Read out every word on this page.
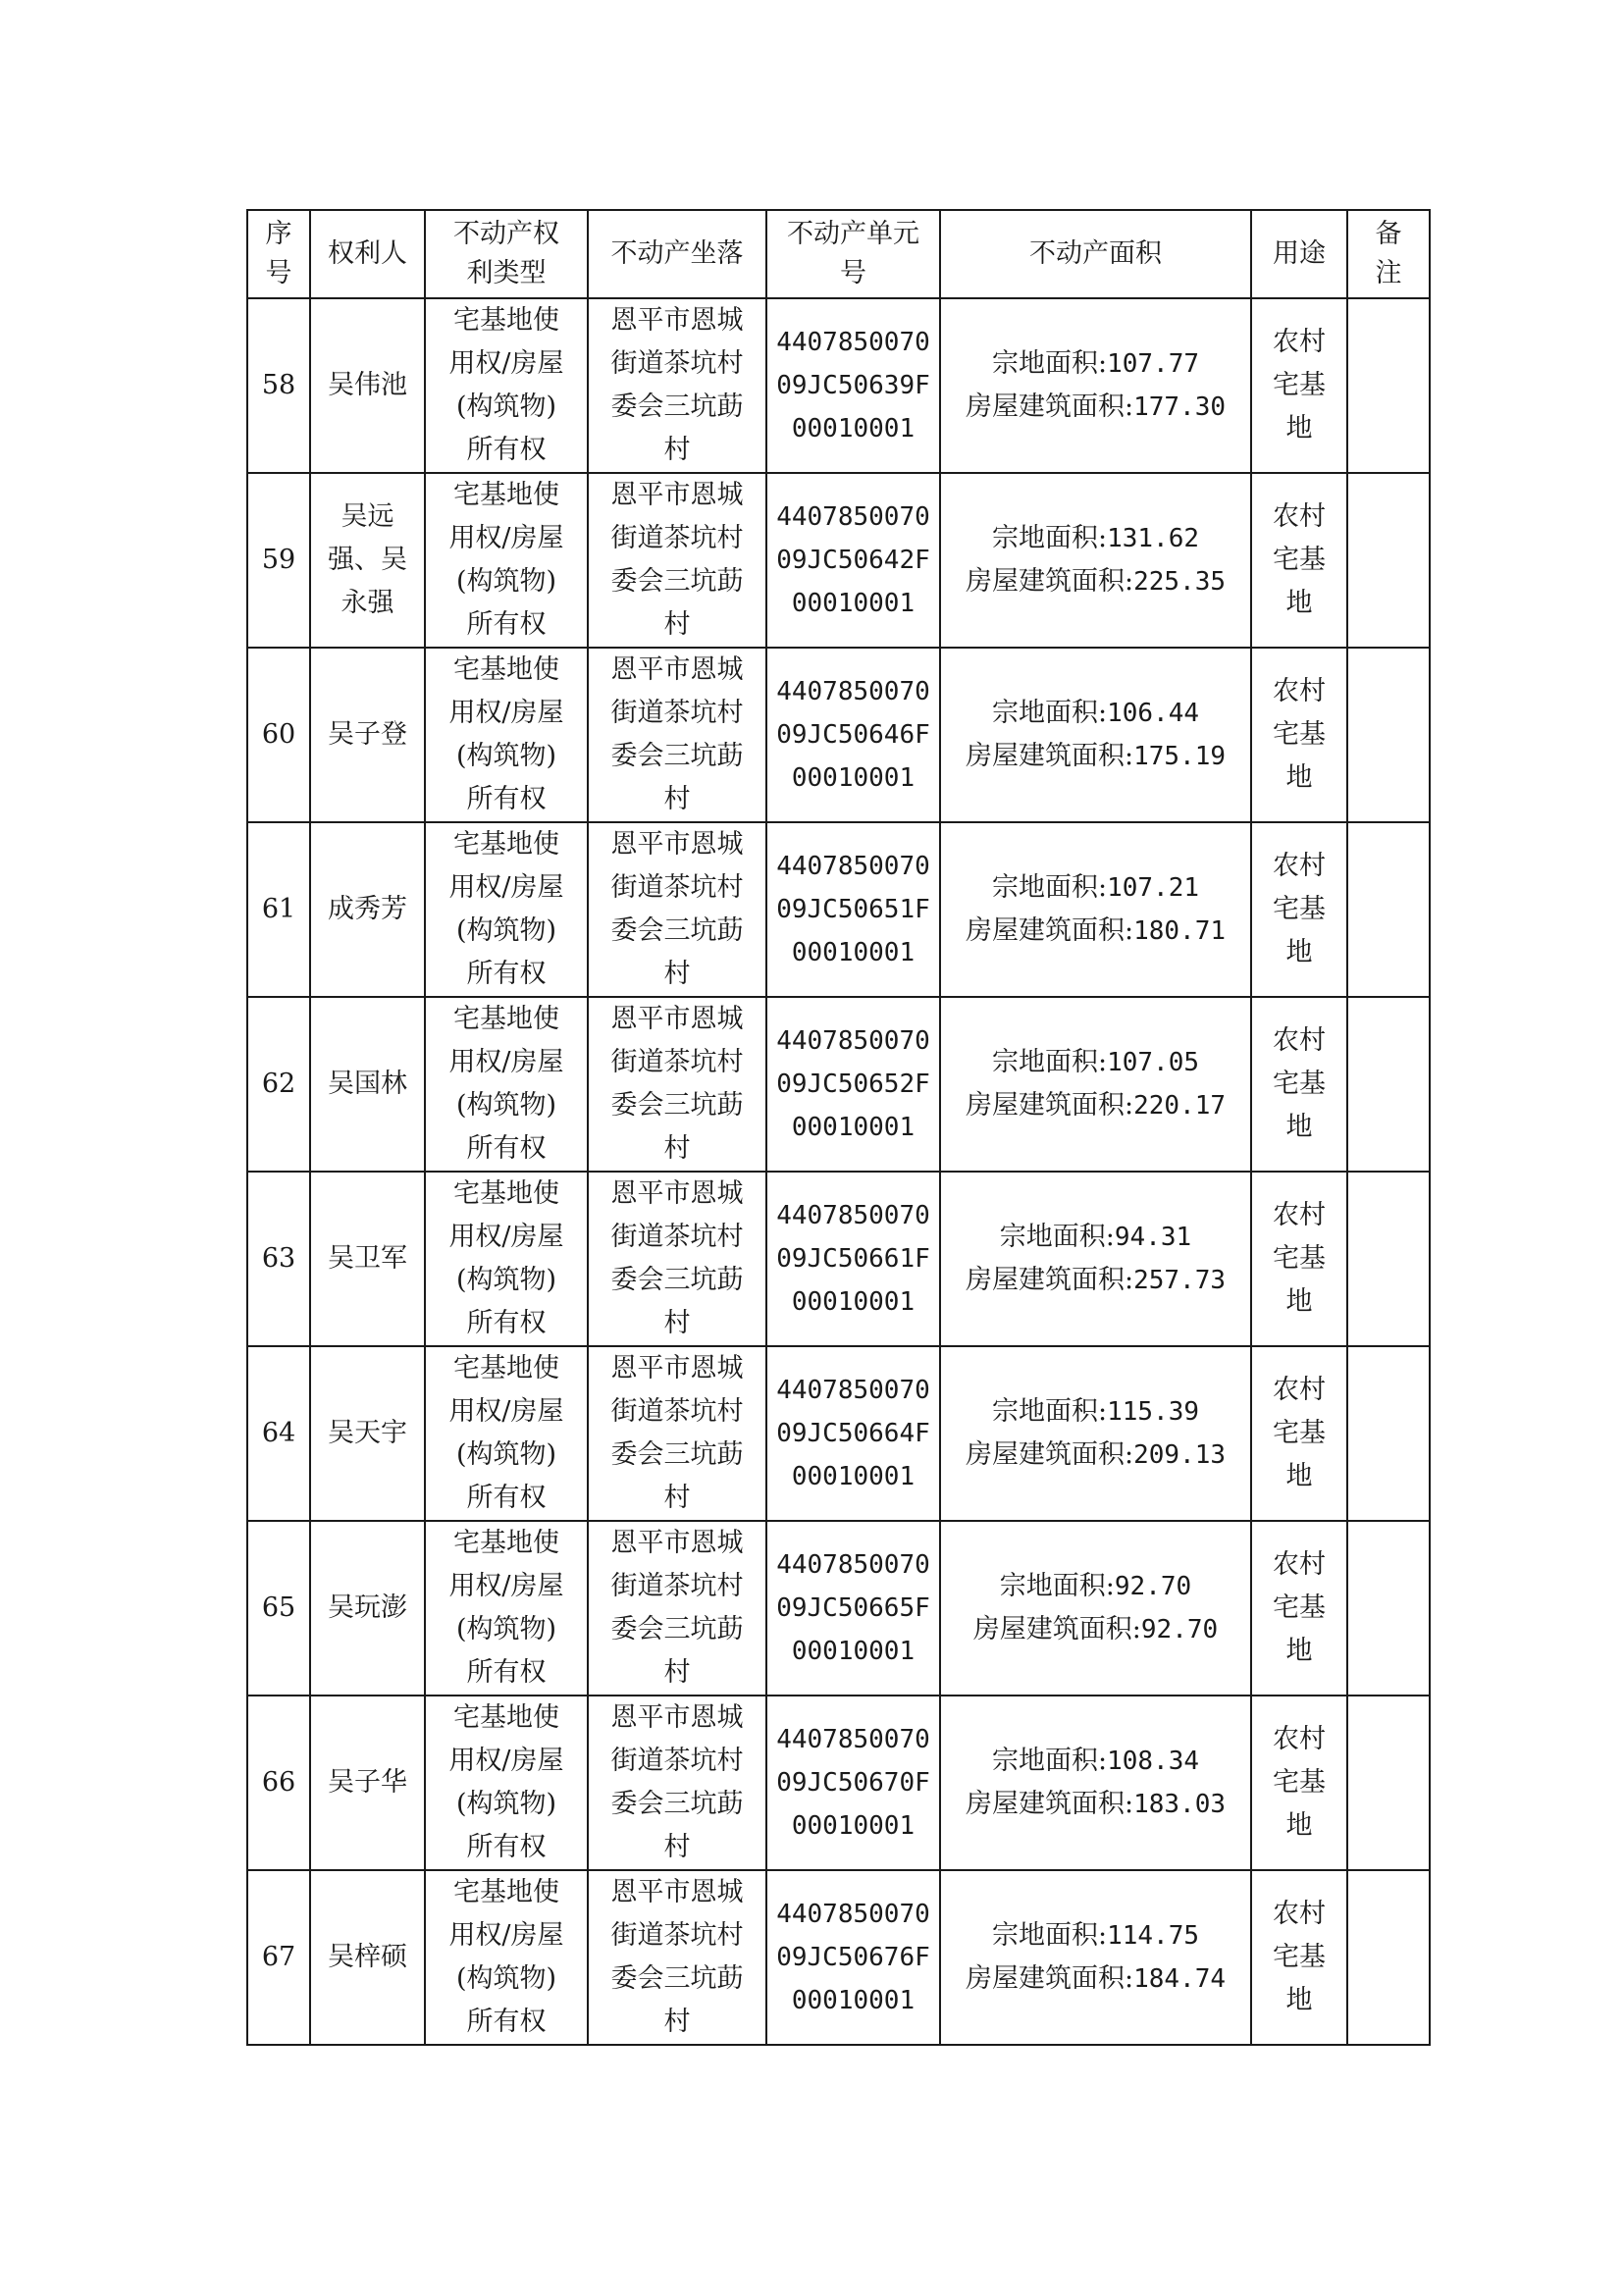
序
号	权利人	不动产权
利类型	不动产坐落	不动产单元
号	不动产面积	用途	备
注
58	吴伟池	宅基地使
用权/房屋
(构筑物)
所有权	恩平市恩城
街道茶坑村
委会三坑莇
村	4407850070
09JC50639F
00010001	宗地面积:107.77
房屋建筑面积:177.30	农村
宅基
地	
59	吴远
强、吴
永强	宅基地使
用权/房屋
(构筑物)
所有权	恩平市恩城
街道茶坑村
委会三坑莇
村	4407850070
09JC50642F
00010001	宗地面积:131.62
房屋建筑面积:225.35	农村
宅基
地	
60	吴子登	宅基地使
用权/房屋
(构筑物)
所有权	恩平市恩城
街道茶坑村
委会三坑莇
村	4407850070
09JC50646F
00010001	宗地面积:106.44
房屋建筑面积:175.19	农村
宅基
地	
61	成秀芳	宅基地使
用权/房屋
(构筑物)
所有权	恩平市恩城
街道茶坑村
委会三坑莇
村	4407850070
09JC50651F
00010001	宗地面积:107.21
房屋建筑面积:180.71	农村
宅基
地	
62	吴国林	宅基地使
用权/房屋
(构筑物)
所有权	恩平市恩城
街道茶坑村
委会三坑莇
村	4407850070
09JC50652F
00010001	宗地面积:107.05
房屋建筑面积:220.17	农村
宅基
地	
63	吴卫军	宅基地使
用权/房屋
(构筑物)
所有权	恩平市恩城
街道茶坑村
委会三坑莇
村	4407850070
09JC50661F
00010001	宗地面积:94.31
房屋建筑面积:257.73	农村
宅基
地	
64	吴天宇	宅基地使
用权/房屋
(构筑物)
所有权	恩平市恩城
街道茶坑村
委会三坑莇
村	4407850070
09JC50664F
00010001	宗地面积:115.39
房屋建筑面积:209.13	农村
宅基
地	
65	吴玩澎	宅基地使
用权/房屋
(构筑物)
所有权	恩平市恩城
街道茶坑村
委会三坑莇
村	4407850070
09JC50665F
00010001	宗地面积:92.70
房屋建筑面积:92.70	农村
宅基
地	
66	吴子华	宅基地使
用权/房屋
(构筑物)
所有权	恩平市恩城
街道茶坑村
委会三坑莇
村	4407850070
09JC50670F
00010001	宗地面积:108.34
房屋建筑面积:183.03	农村
宅基
地	
67	吴梓硕	宅基地使
用权/房屋
(构筑物)
所有权	恩平市恩城
街道茶坑村
委会三坑莇
村	4407850070
09JC50676F
00010001	宗地面积:114.75
房屋建筑面积:184.74	农村
宅基
地	
